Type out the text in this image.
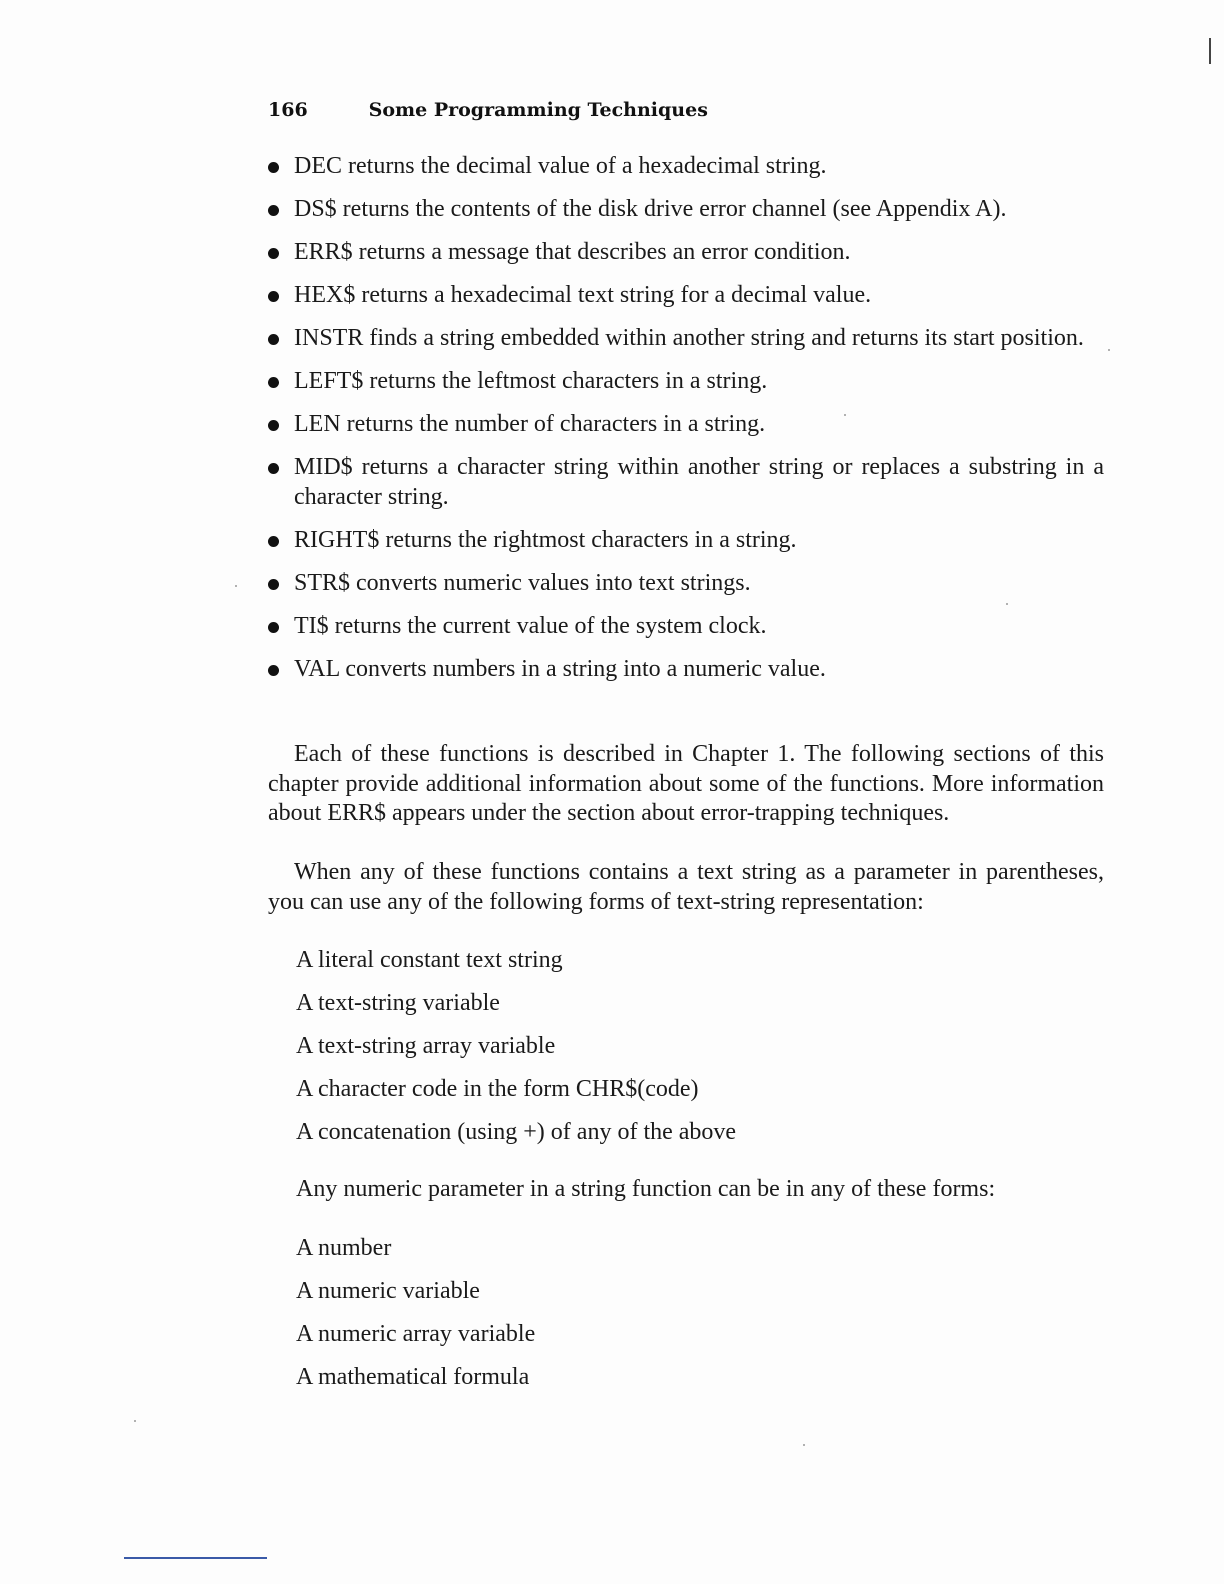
166	Some Programming Techniques
DEC returns the decimal value of a hexadecimal string.
DS$ returns the contents of the disk drive error channel (see Appendix A).
ERR$ returns a message that describes an error condition.
HEX$ returns a hexadecimal text string for a decimal value.
INSTR finds a string embedded within another string and returns its start position.
LEFT$ returns the leftmost characters in a string.
LEN returns the number of characters in a string.
MID$ returns a character string within another string or replaces a substring in a character string.
RIGHT$ returns the rightmost characters in a string.
STR$ converts numeric values into text strings.
TI$ returns the current value of the system clock.
VAL converts numbers in a string into a numeric value.

Each of these functions is described in Chapter 1. The following sections of this chapter provide additional information about some of the functions. More information about ERR$ appears under the section about error-trapping techniques.

When any of these functions contains a text string as a parameter in parentheses, you can use any of the following forms of text-string representation:

A literal constant text string
A text-string variable
A text-string array variable
A character code in the form CHR$(code)
A concatenation (using +) of any of the above

Any numeric parameter in a string function can be in any of these forms:

A number
A numeric variable
A numeric array variable
A mathematical formula
